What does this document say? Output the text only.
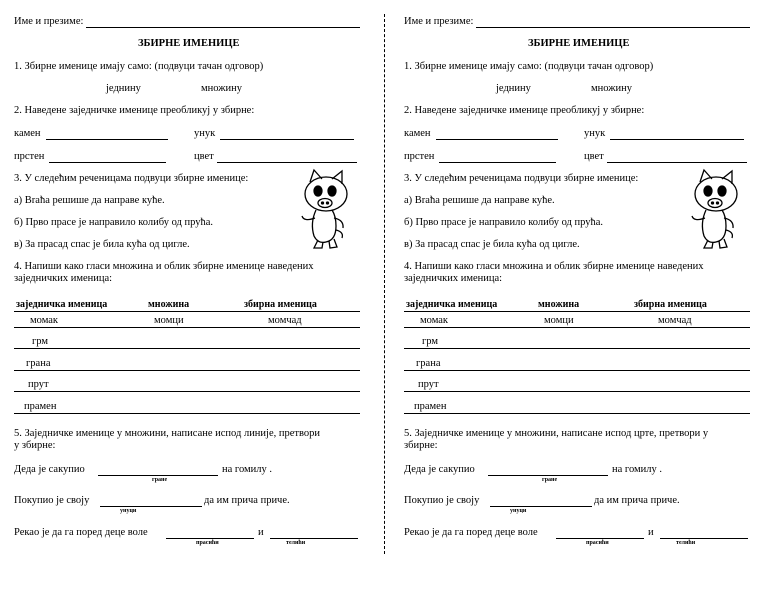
Име и презиме:
ЗБИРНЕ ИМЕНИЦЕ
1. Збирне именице имају само: (подвуци тачан одговор)
једнину	множину
2. Наведене заједничке именице преобликуј у збирне:
камен	унук
прстен	цвет
3. У следећим реченицама подвуци збирне именице:
а) Braћa решише да направе куће.
б) Прво прасе је направило колибу од прућа.
в) За прасад спас је била кућа од цигле.
4. Напиши како гласи множина и облик збирне именице наведених
заједничких именица:
заједничка именица	множина	збирна именица
момак	момци	момчад
грм
грана
прут
прамен
5. Заједничке именице у множини, написане испод линије, претвори
у збирне:
Деда је сакупио	на гомилу .
гране
Покупио је своју	да им прича приче.
унуци
Рекао је да га поред деце воле	и
прасићи	телићи
Име и презиме:
ЗБИРНЕ ИМЕНИЦЕ
1. Збирне именице имају само: (подвуци тачан одговор)
једнину	множину
2. Наведене заједничке именице преобликуј у збирне:
камен	унук
прстен	цвет
3. У следећим реченицама подвуци збирне именице:
а) Braћa решише да направе куће.
б) Прво прасе је направило колибу од прућа.
в) За прасад спас је била кућа од цигле.
4. Напиши како гласи множина и облик збирне именице наведених
заједничких именица:
заједничка именица	множина	збирна именица
момак	момци	момчад
грм
грана
прут
прамен
5. Заједничке именице у множини, написане испод црте, претвори у
збирне:
Деда је сакупио	на гомилу .
гране
Покупио је своју	да им прича приче.
унуци
Рекао је да га поред деце воле	и
прасићи	телићи
